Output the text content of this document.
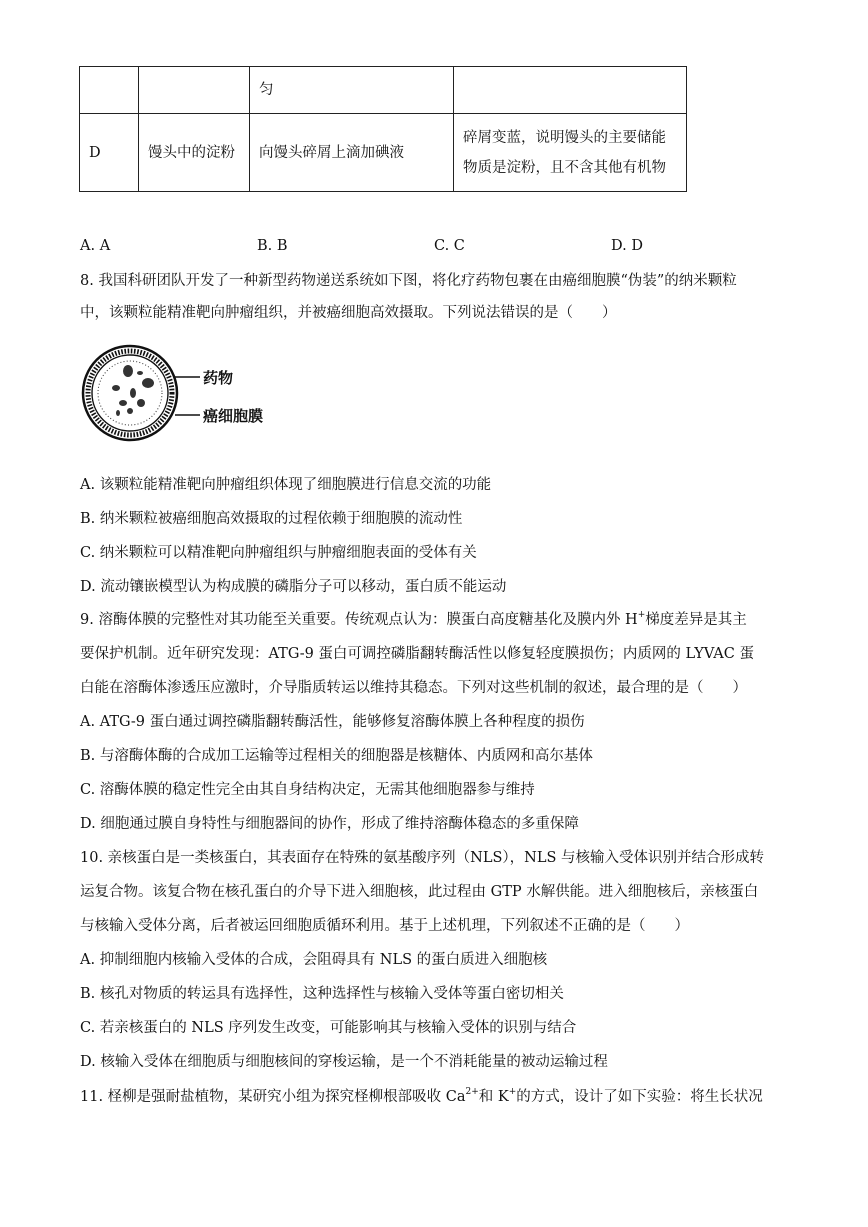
		匀	
D	馒头中的淀粉	向馒头碎屑上滴加碘液	碎屑变蓝，说明馒头的主要储能
物质是淀粉，且不含其他有机物
A. A	B. B	C. C	D. D
8. 我国科研团队开发了一种新型药物递送系统如下图，将化疗药物包裹在由癌细胞膜“伪装”的纳米颗粒
中，该颗粒能精准靶向肿瘤组织，并被癌细胞高效摄取。下列说法错误的是（　　）
药物
癌细胞膜
A. 该颗粒能精准靶向肿瘤组织体现了细胞膜进行信息交流的功能
B. 纳米颗粒被癌细胞高效摄取的过程依赖于细胞膜的流动性
C. 纳米颗粒可以精准靶向肿瘤组织与肿瘤细胞表面的受体有关
D. 流动镶嵌模型认为构成膜的磷脂分子可以移动，蛋白质不能运动
9. 溶酶体膜的完整性对其功能至关重要。传统观点认为：膜蛋白高度糖基化及膜内外 H+梯度差异是其主
要保护机制。近年研究发现：ATG-9 蛋白可调控磷脂翻转酶活性以修复轻度膜损伤；内质网的 LYVAC 蛋
白能在溶酶体渗透压应激时，介导脂质转运以维持其稳态。下列对这些机制的叙述，最合理的是（　　）
A. ATG-9 蛋白通过调控磷脂翻转酶活性，能够修复溶酶体膜上各种程度的损伤
B. 与溶酶体酶的合成加工运输等过程相关的细胞器是核糖体、内质网和高尔基体
C. 溶酶体膜的稳定性完全由其自身结构决定，无需其他细胞器参与维持
D. 细胞通过膜自身特性与细胞器间的协作，形成了维持溶酶体稳态的多重保障
10. 亲核蛋白是一类核蛋白，其表面存在特殊的氨基酸序列（NLS），NLS 与核输入受体识别并结合形成转
运复合物。该复合物在核孔蛋白的介导下进入细胞核，此过程由 GTP 水解供能。进入细胞核后，亲核蛋白
与核输入受体分离，后者被运回细胞质循环利用。基于上述机理，下列叙述不正确的是（　　）
A. 抑制细胞内核输入受体的合成，会阻碍具有 NLS 的蛋白质进入细胞核
B. 核孔对物质的转运具有选择性，这种选择性与核输入受体等蛋白密切相关
C. 若亲核蛋白的 NLS 序列发生改变，可能影响其与核输入受体的识别与结合
D. 核输入受体在细胞质与细胞核间的穿梭运输，是一个不消耗能量的被动运输过程
11. 柽柳是强耐盐植物，某研究小组为探究柽柳根部吸收 $Ca^{2+}$和 K+的方式，设计了如下实验：将生长状况
